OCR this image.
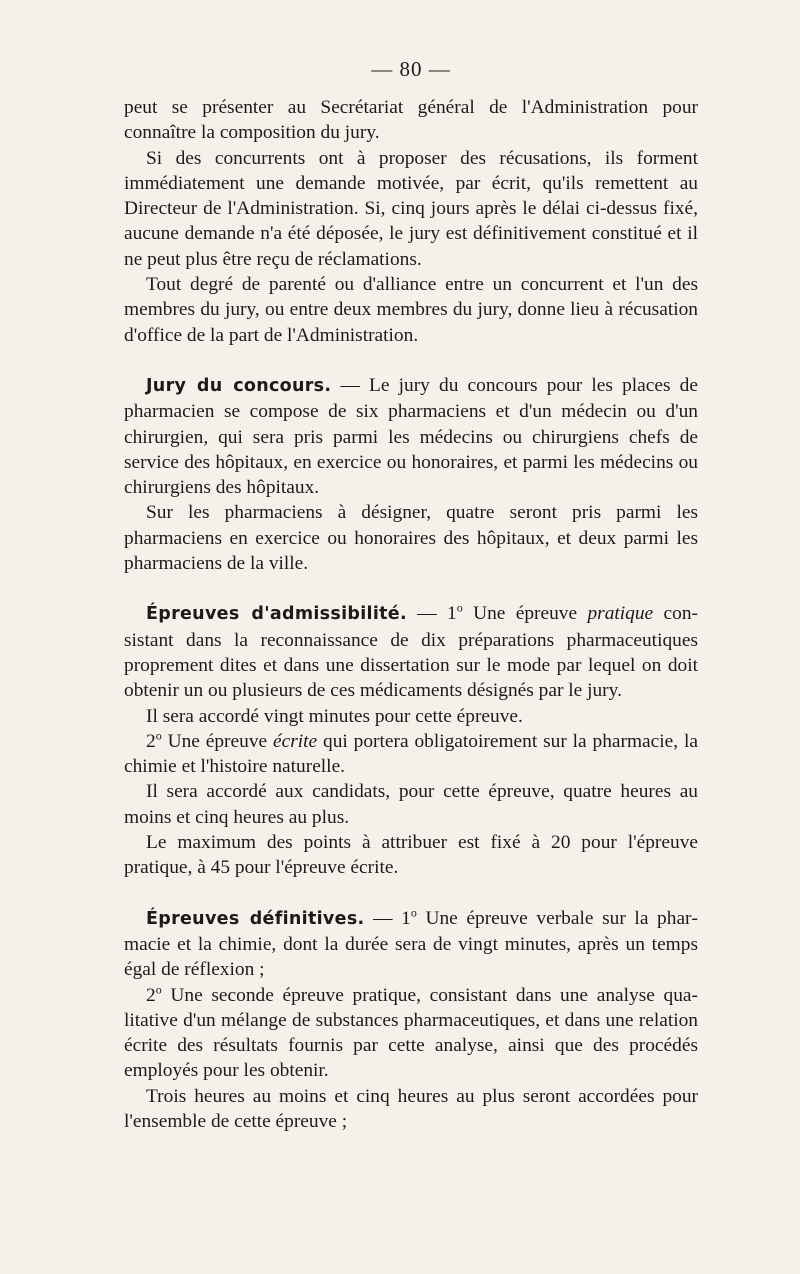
— 80 —

peut se présenter au Secrétariat général de l'Administration pour connaître la composition du jury.

Si des concurrents ont à proposer des récusations, ils forment immédiatement une demande motivée, par écrit, qu'ils remettent au Directeur de l'Administration. Si, cinq jours après le délai ci-dessus fixé, aucune demande n'a été déposée, le jury est définitivement constitué et il ne peut plus être reçu de réclamations.

Tout degré de parenté ou d'alliance entre un concurrent et l'un des membres du jury, ou entre deux membres du jury, donne lieu à récusation d'office de la part de l'Administration.

Jury du concours. — Le jury du concours pour les places de pharmacien se compose de six pharmaciens et d'un médecin ou d'un chirurgien, qui sera pris parmi les médecins ou chirurgiens chefs de service des hôpitaux, en exercice ou honoraires, et parmi les médecins ou chirurgiens des hôpitaux.

Sur les pharmaciens à désigner, quatre seront pris parmi les pharmaciens en exercice ou honoraires des hôpitaux, et deux parmi les pharmaciens de la ville.

Épreuves d'admissibilité. — 1$^o$ Une épreuve pratique consistant dans la reconnaissance de dix préparations pharmaceutiques proprement dites et dans une dissertation sur le mode par lequel on doit obtenir un ou plusieurs de ces médicaments désignés par le jury.

Il sera accordé vingt minutes pour cette épreuve.

2$^o$ Une épreuve écrite qui portera obligatoirement sur la pharmacie, la chimie et l'histoire naturelle.

Il sera accordé aux candidats, pour cette épreuve, quatre heures au moins et cinq heures au plus.

Le maximum des points à attribuer est fixé à 20 pour l'épreuve pratique, à 45 pour l'épreuve écrite.

Épreuves définitives. — 1$^o$ Une épreuve verbale sur la pharmacie et la chimie, dont la durée sera de vingt minutes, après un temps égal de réflexion ;

2$^o$ Une seconde épreuve pratique, consistant dans une analyse qualitative d'un mélange de substances pharmaceutiques, et dans une relation écrite des résultats fournis par cette analyse, ainsi que des procédés employés pour les obtenir.

Trois heures au moins et cinq heures au plus seront accordées pour l'ensemble de cette épreuve ;
